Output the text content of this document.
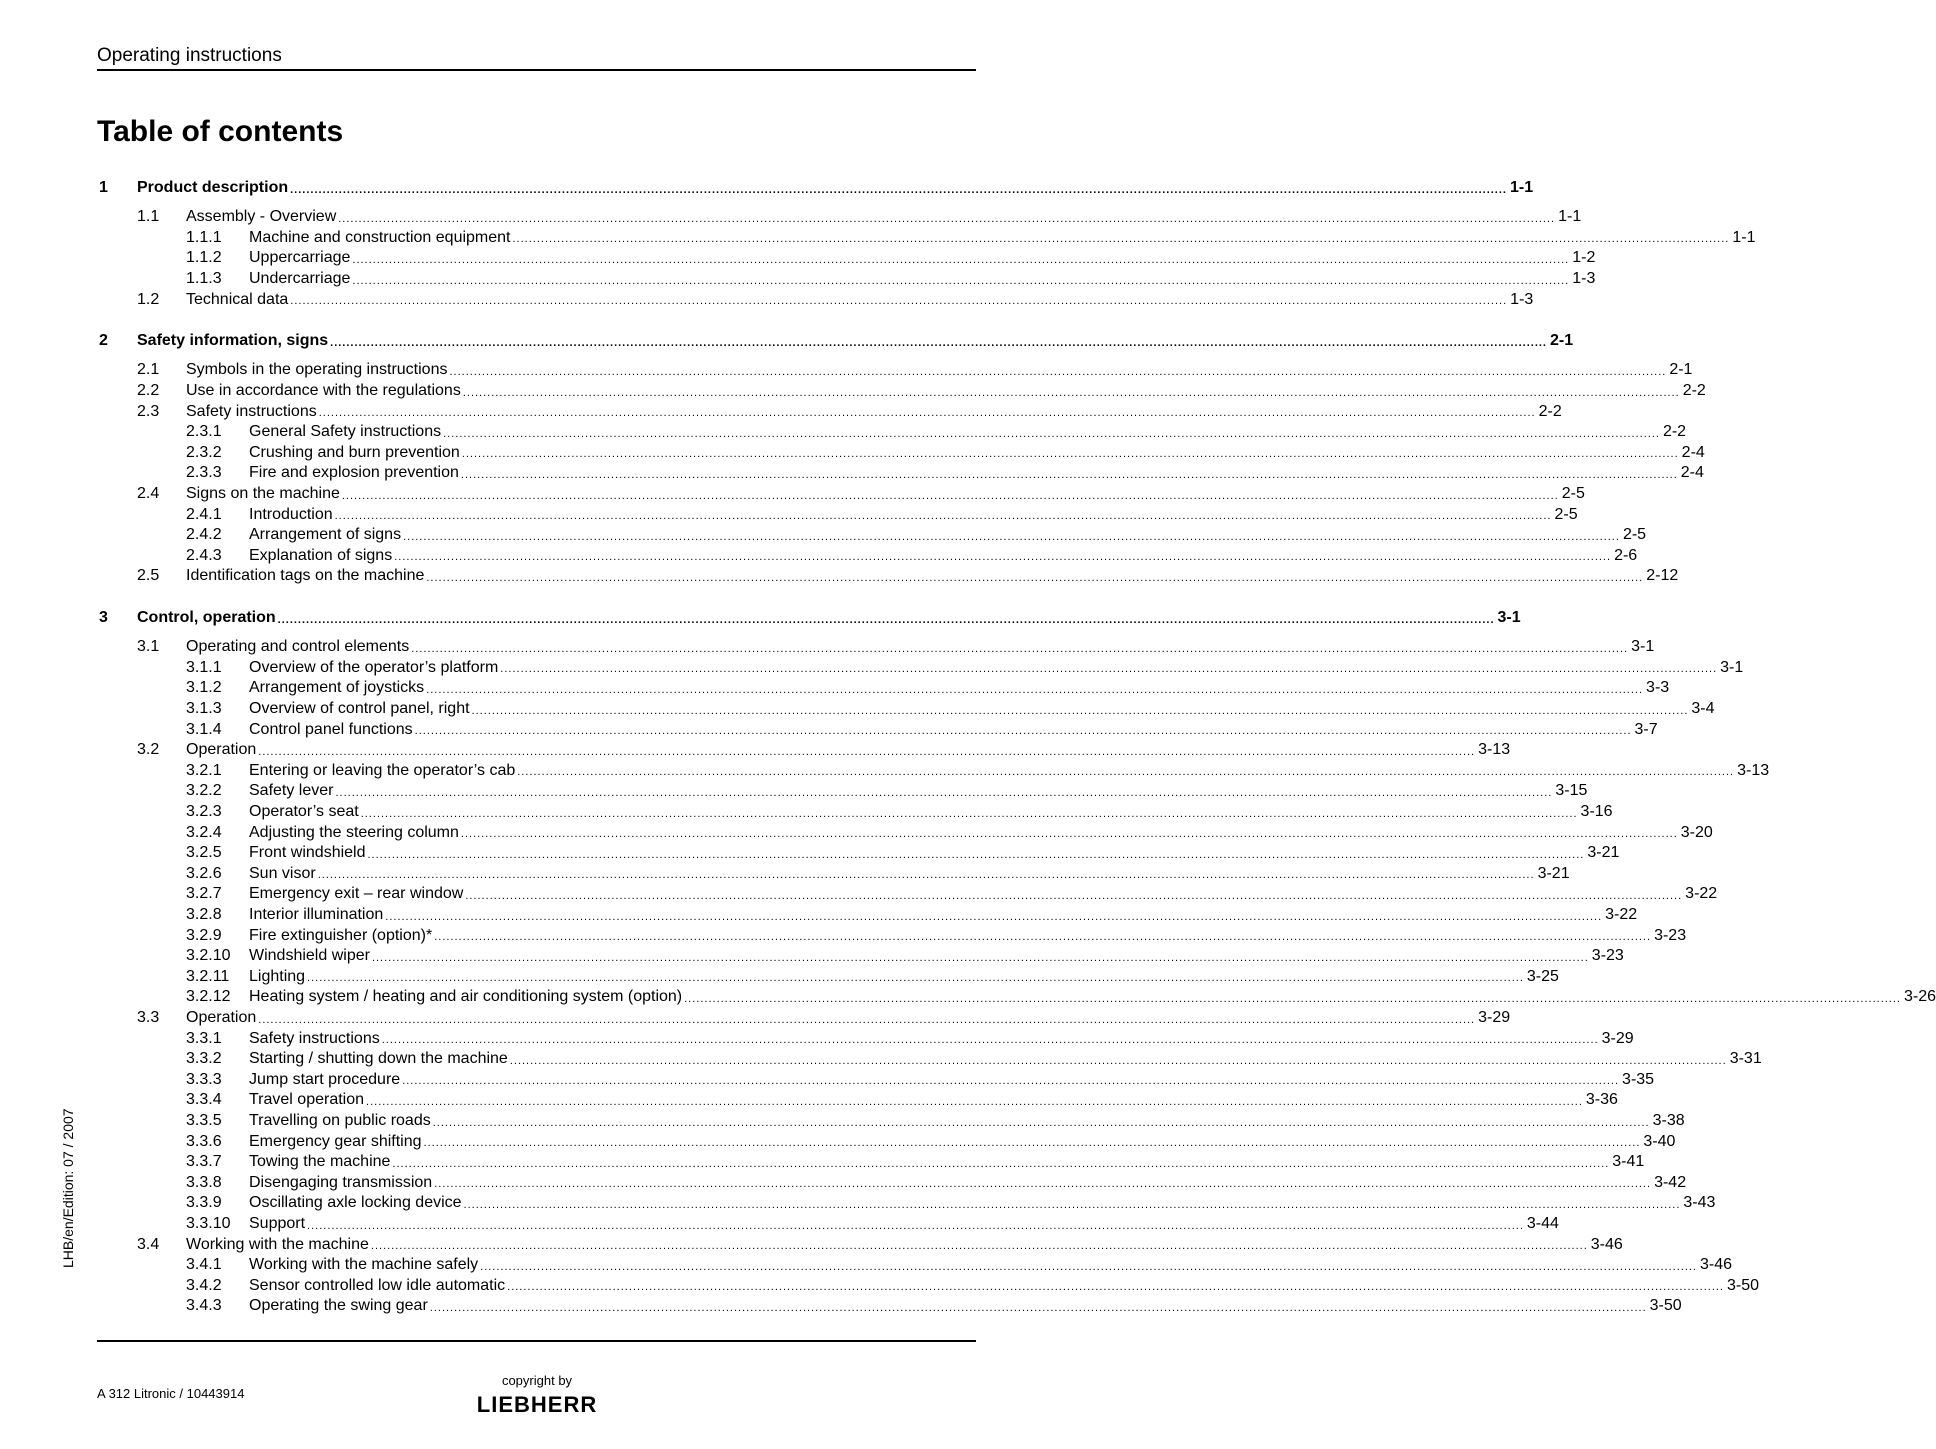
Operating instructions
Table of contents
1 Product description ............................................................................................................................................................................................................................................................................................................ 1-1
1.1 Assembly - Overview ............................................................................................................................................................................................................................................................................................................ 1-1
1.1.1 Machine and construction equipment ............................................................................................................................................................................................................................................................................................................ 1-1
1.1.2 Uppercarriage ............................................................................................................................................................................................................................................................................................................ 1-2
1.1.3 Undercarriage ............................................................................................................................................................................................................................................................................................................ 1-3
1.2 Technical data ............................................................................................................................................................................................................................................................................................................ 1-3
2 Safety information, signs ............................................................................................................................................................................................................................................................................................................ 2-1
2.1 Symbols in the operating instructions ............................................................................................................................................................................................................................................................................................................ 2-1
2.2 Use in accordance with the regulations ............................................................................................................................................................................................................................................................................................................ 2-2
2.3 Safety instructions ............................................................................................................................................................................................................................................................................................................ 2-2
2.3.1 General Safety instructions ............................................................................................................................................................................................................................................................................................................ 2-2
2.3.2 Crushing and burn prevention ............................................................................................................................................................................................................................................................................................................ 2-4
2.3.3 Fire and explosion prevention ............................................................................................................................................................................................................................................................................................................ 2-4
2.4 Signs on the machine ............................................................................................................................................................................................................................................................................................................ 2-5
2.4.1 Introduction ............................................................................................................................................................................................................................................................................................................ 2-5
2.4.2 Arrangement of signs ............................................................................................................................................................................................................................................................................................................ 2-5
2.4.3 Explanation of signs ............................................................................................................................................................................................................................................................................................................ 2-6
2.5 Identification tags on the machine ............................................................................................................................................................................................................................................................................................................ 2-12
3 Control, operation ............................................................................................................................................................................................................................................................................................................ 3-1
3.1 Operating and control elements ............................................................................................................................................................................................................................................................................................................ 3-1
3.1.1 Overview of the operator’s platform ............................................................................................................................................................................................................................................................................................................ 3-1
3.1.2 Arrangement of joysticks ............................................................................................................................................................................................................................................................................................................ 3-3
3.1.3 Overview of control panel, right ............................................................................................................................................................................................................................................................................................................ 3-4
3.1.4 Control panel functions ............................................................................................................................................................................................................................................................................................................ 3-7
3.2 Operation ............................................................................................................................................................................................................................................................................................................ 3-13
3.2.1 Entering or leaving the operator’s cab ............................................................................................................................................................................................................................................................................................................ 3-13
3.2.2 Safety lever ............................................................................................................................................................................................................................................................................................................ 3-15
3.2.3 Operator’s seat ............................................................................................................................................................................................................................................................................................................ 3-16
3.2.4 Adjusting the steering column ............................................................................................................................................................................................................................................................................................................ 3-20
3.2.5 Front windshield ............................................................................................................................................................................................................................................................................................................ 3-21
3.2.6 Sun visor ............................................................................................................................................................................................................................................................................................................ 3-21
3.2.7 Emergency exit – rear window ............................................................................................................................................................................................................................................................................................................ 3-22
3.2.8 Interior illumination ............................................................................................................................................................................................................................................................................................................ 3-22
3.2.9 Fire extinguisher (option)* ............................................................................................................................................................................................................................................................................................................ 3-23
3.2.10 Windshield wiper ............................................................................................................................................................................................................................................................................................................ 3-23
3.2.11 Lighting ............................................................................................................................................................................................................................................................................................................ 3-25
3.2.12 Heating system / heating and air conditioning system (option) ............................................................................................................................................................................................................................................................................................................ 3-26
3.3 Operation ............................................................................................................................................................................................................................................................................................................ 3-29
3.3.1 Safety instructions ............................................................................................................................................................................................................................................................................................................ 3-29
3.3.2 Starting / shutting down the machine ............................................................................................................................................................................................................................................................................................................ 3-31
3.3.3 Jump start procedure ............................................................................................................................................................................................................................................................................................................ 3-35
3.3.4 Travel operation ............................................................................................................................................................................................................................................................................................................ 3-36
3.3.5 Travelling on public roads ............................................................................................................................................................................................................................................................................................................ 3-38
3.3.6 Emergency gear shifting ............................................................................................................................................................................................................................................................................................................ 3-40
3.3.7 Towing the machine ............................................................................................................................................................................................................................................................................................................ 3-41
3.3.8 Disengaging transmission ............................................................................................................................................................................................................................................................................................................ 3-42
3.3.9 Oscillating axle locking device ............................................................................................................................................................................................................................................................................................................ 3-43
3.3.10 Support ............................................................................................................................................................................................................................................................................................................ 3-44
3.4 Working with the machine ............................................................................................................................................................................................................................................................................................................ 3-46
3.4.1 Working with the machine safely ............................................................................................................................................................................................................................................................................................................ 3-46
3.4.2 Sensor controlled low idle automatic ............................................................................................................................................................................................................................................................................................................ 3-50
3.4.3 Operating the swing gear ............................................................................................................................................................................................................................................................................................................ 3-50
LHB/en/Edition: 07 / 2007
A 312 Litronic / 10443914
copyright by
LIEBHERR
